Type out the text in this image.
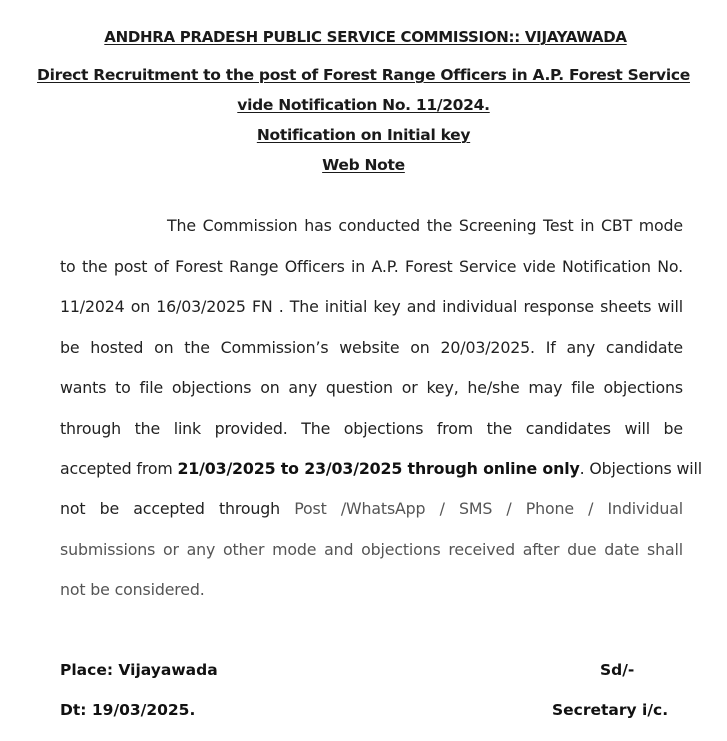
ANDHRA PRADESH PUBLIC SERVICE COMMISSION:: VIJAYAWADA
Direct Recruitment to the post of Forest Range Officers in A.P. Forest Service
vide Notification No. 11/2024.
Notification on Initial key
Web Note
The Commission has conducted the Screening Test in CBT mode
to the post of Forest Range Officers in A.P. Forest Service vide Notification No.
11/2024 on 16/03/2025 FN . The initial key and individual response sheets will
be hosted on the Commission’s website on 20/03/2025. If any candidate
wants to file objections on any question or key, he/she may file objections
through the link provided. The objections from the candidates will be
accepted from 21/03/2025 to 23/03/2025 through online only. Objections will
not be accepted through Post /WhatsApp / SMS / Phone / Individual
submissions or any other mode and objections received after due date shall
not be considered.
Place: Vijayawada	Sd/-
Dt: 19/03/2025.	Secretary i/c.
